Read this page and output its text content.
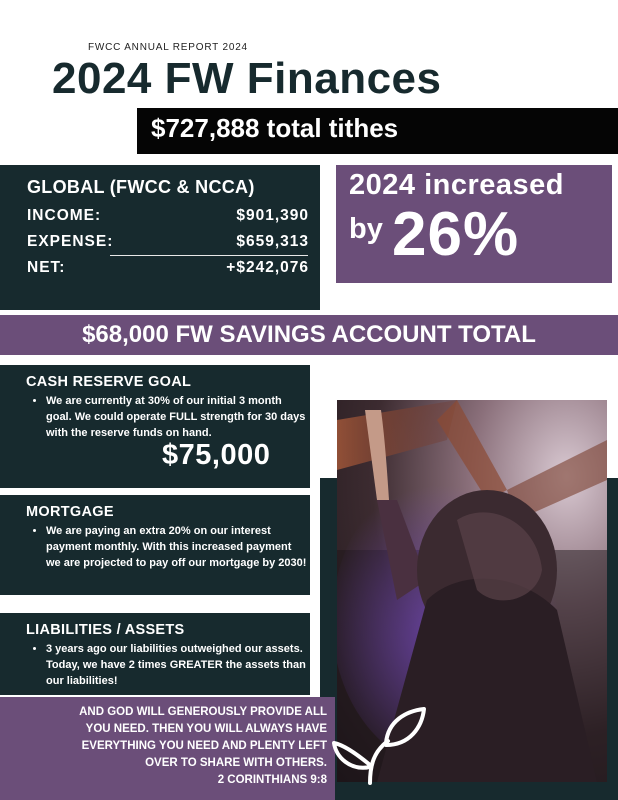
FWCC ANNUAL REPORT 2024
2024 FW Finances
$727,888 total tithes
GLOBAL (FWCC & NCCA)
INCOME:	$901,390
EXPENSE:	$659,313
NET:	+$242,076
2024 increased
by 26%
$68,000 FW SAVINGS ACCOUNT TOTAL
CASH RESERVE GOAL
• We are currently at 30% of our initial 3 month goal. We could operate FULL strength for 30 days with the reserve funds on hand.
$75,000
MORTGAGE
• We are paying an extra 20% on our interest payment monthly. With this increased payment we are projected to pay off our mortgage by 2030!
LIABILITIES / ASSETS
• 3 years ago our liabilities outweighed our assets. Today, we have 2 times GREATER the assets than our liabilities!
AND GOD WILL GENEROUSLY PROVIDE ALL
YOU NEED. THEN YOU WILL ALWAYS HAVE
EVERYTHING YOU NEED AND PLENTY LEFT
OVER TO SHARE WITH OTHERS.
2 CORINTHIANS 9:8
